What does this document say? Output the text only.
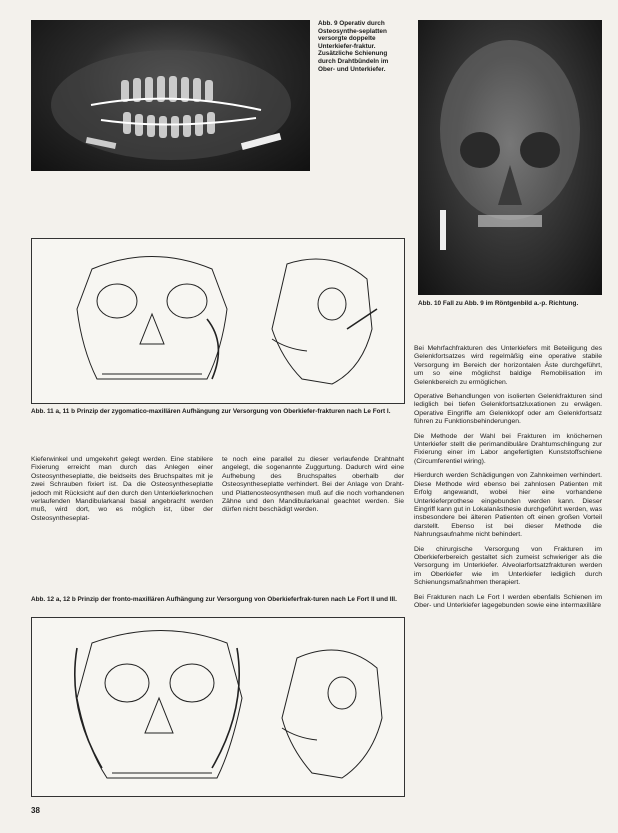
Abb. 9 Operativ durch Osteosynthe-seplatten versorgte doppelte Unterkiefer-fraktur. Zusätzliche Schienung durch Drahtbündeln im Ober- und Unterkiefer.
Abb. 10 Fall zu Abb. 9 im Röntgenbild a.-p. Richtung.
Abb. 11 a, 11 b Prinzip der zygomatico-maxillären Aufhängung zur Versorgung von Oberkiefer-frakturen nach Le Fort I.

Kieferwinkel und umgekehrt gelegt werden. Eine stabilere Fixierung erreicht man durch das Anlegen einer Osteosyntheseplatte, die beidseits des Bruchspaltes mit je zwei Schrauben fixiert ist. Da die Osteosyntheseplatte jedoch mit Rücksicht auf den durch den Unterkieferknochen verlaufenden Mandibularkanal basal angebracht werden muß, wird dort, wo es möglich ist, über der Osteosyntheseplat-

te noch eine parallel zu dieser verlaufende Drahtnaht angelegt, die sogenannte Zuggurtung. Dadurch wird eine Aufhebung des Bruchspaltes oberhalb der Osteosyntheseplatte verhindert. Bei der Anlage von Draht- und Plattenosteosynthesen muß auf die noch vorhandenen Zähne und den Mandibularkanal geachtet werden. Sie dürfen nicht beschädigt werden.

Abb. 12 a, 12 b Prinzip der fronto-maxillären Aufhängung zur Versorgung von Oberkieferfrak-turen nach Le Fort II und III.

Bei Mehrfachfrakturen des Unterkiefers mit Beteiligung des Gelenkfortsatzes wird regelmäßig eine operative stabile Versorgung im Bereich der horizontalen Äste durchgeführt, um so eine möglichst baldige Remobilisation im Gelenkbereich zu ermöglichen.

Operative Behandlungen von isolierten Gelenkfrakturen sind lediglich bei tiefen Gelenkfortsatzluxationen zu erwägen. Operative Eingriffe am Gelenkkopf oder am Gelenkfortsatz führen zu Funktionsbehinderungen.

Die Methode der Wahl bei Frakturen im knöchernen Unterkiefer stellt die perimandibuläre Drahtumschlingung zur Fixierung einer im Labor angefertigten Kunststoffschiene (Circumferentiel wiring).

Hierdurch werden Schädigungen von Zahnkeimen verhindert. Diese Methode wird ebenso bei zahnlosen Patienten mit Erfolg angewandt, wobei hier eine vorhandene Unterkieferprothese eingebunden werden kann. Dieser Eingriff kann gut in Lokalanästhesie durchgeführt werden, was insbesondere bei älteren Patienten oft einen großen Vorteil darstellt. Ebenso ist bei dieser Methode die Nahrungsaufnahme nicht behindert.

Die chirurgische Versorgung von Frakturen im Oberkieferbereich gestaltet sich zumeist schwieriger als die Versorgung im Unterkiefer. Alveolarfortsatzfrakturen werden im Oberkiefer wie im Unterkiefer lediglich durch Schienungsmaßnahmen therapiert.

Bei Frakturen nach Le Fort I werden ebenfalls Schienen im Ober- und Unterkiefer lagegebunden sowie eine intermaxilläre

38
